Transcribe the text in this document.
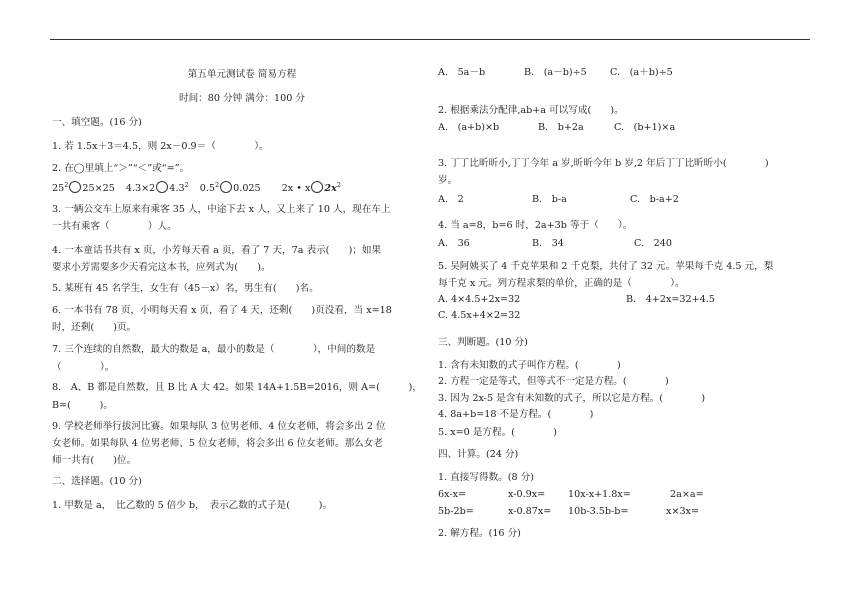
第五单元测试卷 简易方程
时间：80 分钟 满分：100 分
一、填空题。(16 分)
1. 若 1.5x＋3＝4.5，则 2x－0.9＝（　　　　）。
2. 在◯里填上“＞”“＜”或“=”。
$25^2$ 25×25 4.3×2 $4.3^2$ $0.5^2$ 0.025 2x • x $2x^2$
3. 一辆公交车上原来有乘客 35 人，中途下去 x 人，又上来了 10 人，现在车上
一共有乘客（　　　　）人。
4. 一本童话书共有 x 页，小芳每天看 a 页，看了 7 天，7a 表示(　　)；如果
要求小芳需要多少天看完这本书，应列式为(　　)。
5. 某班有 45 名学生，女生有（45－x）名，男生有(　　)名。
6. 一本书有 78 页，小明每天看 x 页，看了 4 天，还剩(　　)页没看，当 x=18
时，还剩(　　)页。
7. 三个连续的自然数，最大的数是 a，最小的数是（　　　　），中间的数是
（　　　　）。
8.　A、B 都是自然数，且 B 比 A 大 42。如果 14A+1.5B=2016，则 A=(　　　)，
B=(　　　)。
9. 学校老师举行拔河比赛。如果每队 3 位男老师、4 位女老师，将会多出 2 位
女老师。如果每队 4 位男老师、5 位女老师，将会多出 6 位女老师。那么女老
师一共有(　　)位。
二、选择题。(10 分)
1. 甲数是 a，　比乙数的 5 倍少 b，　表示乙数的式子是(　　　)。
A.　5a－b	B.　(a－b)÷5 C.　(a＋b)÷5
2. 根据乘法分配律,ab+a 可以写成(　　)。
A.　(a+b)×b	B.　b+2a	C.　(b+1)×a
3. 丁丁比昕昕小,丁丁今年 a 岁,昕昕今年 b 岁,2 年后丁丁比昕昕小(　　　　)
岁。
A.　2	B.　b-a	C.　b-a+2
4. 当 a=8，b=6 时，2a+3b 等于（　　）。
A.　36	B.　34	C.　240
5. 吴阿姨买了 4 千克苹果和 2 千克梨，共付了 32 元。苹果每千克 4.5 元，梨
每千克 x 元。列方程求梨的单价，正确的是（　　　　）。
A. 4×4.5+2x=32	B.　4+2x=32+4.5
C. 4.5x+4×2=32
三、判断题。(10 分)
1. 含有未知数的式子叫作方程。(　　　　)
2. 方程一定是等式，但等式不一定是方程。(　　　　)
3. 因为 2x-5 是含有未知数的式子，所以它是方程。(　　　　)
4. 8a+b=18 不是方程。(　　　　)
5. x=0 是方程。(　　　　)
四、计算。(24 分)
1. 直接写得数。(8 分)
6x-x=	x-0.9x= 10x-x+1.8x=	2a×a=
5b-2b=	x-0.87x= 10b-3.5b-b=	x×3x=
2. 解方程。(16 分)
